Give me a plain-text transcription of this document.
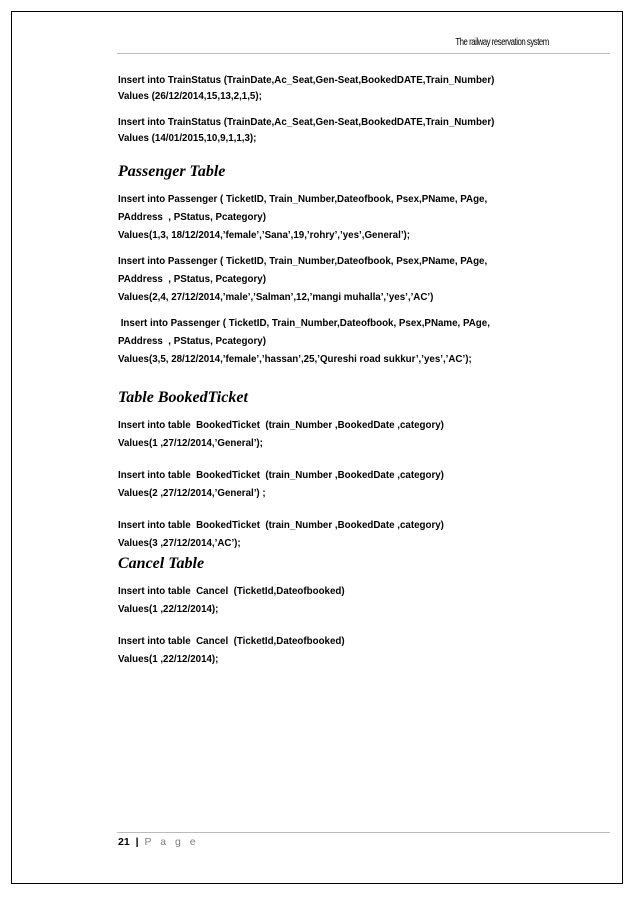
The railway reservation system

Insert into TrainStatus (TrainDate,Ac_Seat,Gen-Seat,BookedDATE,Train_Number)

Values (26/12/2014,15,13,2,1,5);

Insert into TrainStatus (TrainDate,Ac_Seat,Gen-Seat,BookedDATE,Train_Number)

Values (14/01/2015,10,9,1,1,3);

Passenger Table

Insert into Passenger ( TicketID, Train_Number,Dateofbook, Psex,PName, PAge,

PAddress  , PStatus, Pcategory)

Values(1,3, 18/12/2014,’female’,’Sana’,19,’rohry’,’yes’,General’);

Insert into Passenger ( TicketID, Train_Number,Dateofbook, Psex,PName, PAge,

PAddress  , PStatus, Pcategory)

Values(2,4, 27/12/2014,’male’,’Salman’,12,’mangi muhalla’,’yes’,’AC’)

Insert into Passenger ( TicketID, Train_Number,Dateofbook, Psex,PName, PAge,

PAddress  , PStatus, Pcategory)

Values(3,5, 28/12/2014,’female’,’hassan’,25,’Qureshi road sukkur’,’yes’,’AC’);

Table BookedTicket

Insert into table  BookedTicket  (train_Number ,BookedDate ,category)

Values(1 ,27/12/2014,’General’);

Insert into table  BookedTicket  (train_Number ,BookedDate ,category)

Values(2 ,27/12/2014,’General’) ;

Insert into table  BookedTicket  (train_Number ,BookedDate ,category)

Values(3 ,27/12/2014,’AC’);

Cancel Table

Insert into table  Cancel  (TicketId,Dateofbooked)

Values(1 ,22/12/2014);

Insert into table  Cancel  (TicketId,Dateofbooked)

Values(1 ,22/12/2014);

21 | P a g e
